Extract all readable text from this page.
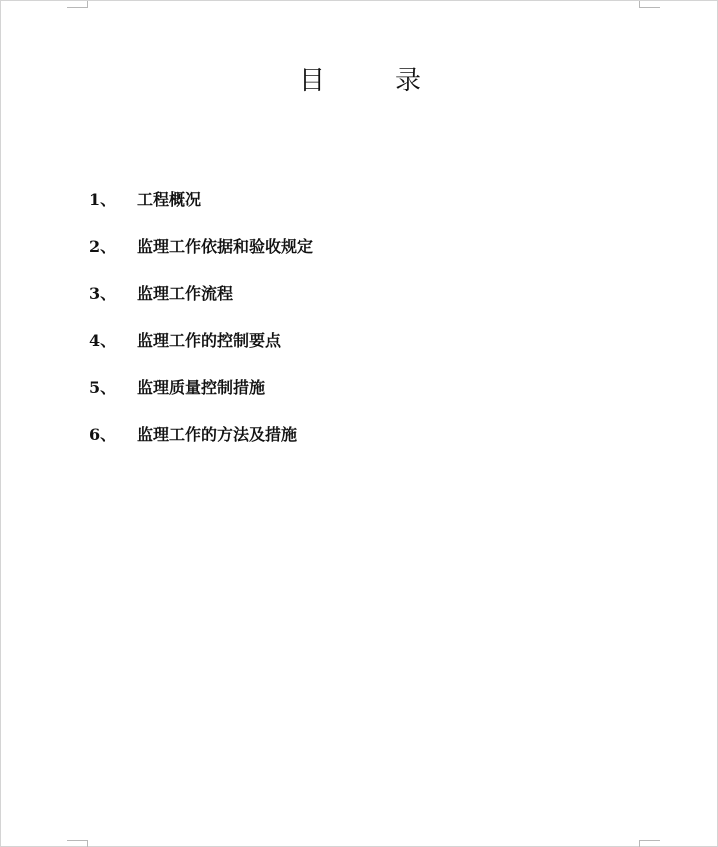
目	录
1、	工程概况
2、	监理工作依据和验收规定
3、	监理工作流程
4、	监理工作的控制要点
5、	监理质量控制措施
6、	监理工作的方法及措施
